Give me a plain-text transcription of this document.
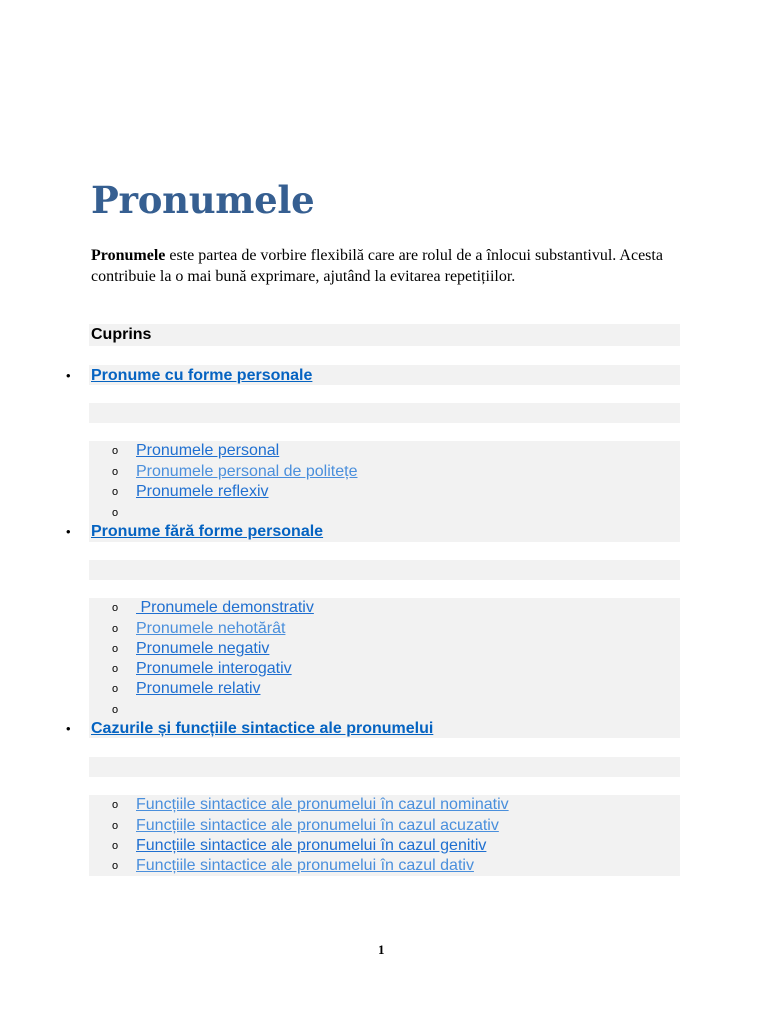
Pronumele

Pronumele este partea de vorbire flexibilă care are rolul de a înlocui substantivul. Acesta contribuie la o mai bună exprimare, ajutând la evitarea repetițiilor.

Cuprins
• Pronume cu forme personale
o Pronumele personal
o Pronumele personal de politețe
o Pronumele reflexiv
o
• Pronume fără forme personale
o Pronumele demonstrativ
o Pronumele nehotărât
o Pronumele negativ
o Pronumele interogativ
o Pronumele relativ
o
• Cazurile și funcțiile sintactice ale pronumelui
o Funcțiile sintactice ale pronumelui în cazul nominativ
o Funcțiile sintactice ale pronumelui în cazul acuzativ
o Funcțiile sintactice ale pronumelui în cazul genitiv
o Funcțiile sintactice ale pronumelui în cazul dativ
1
